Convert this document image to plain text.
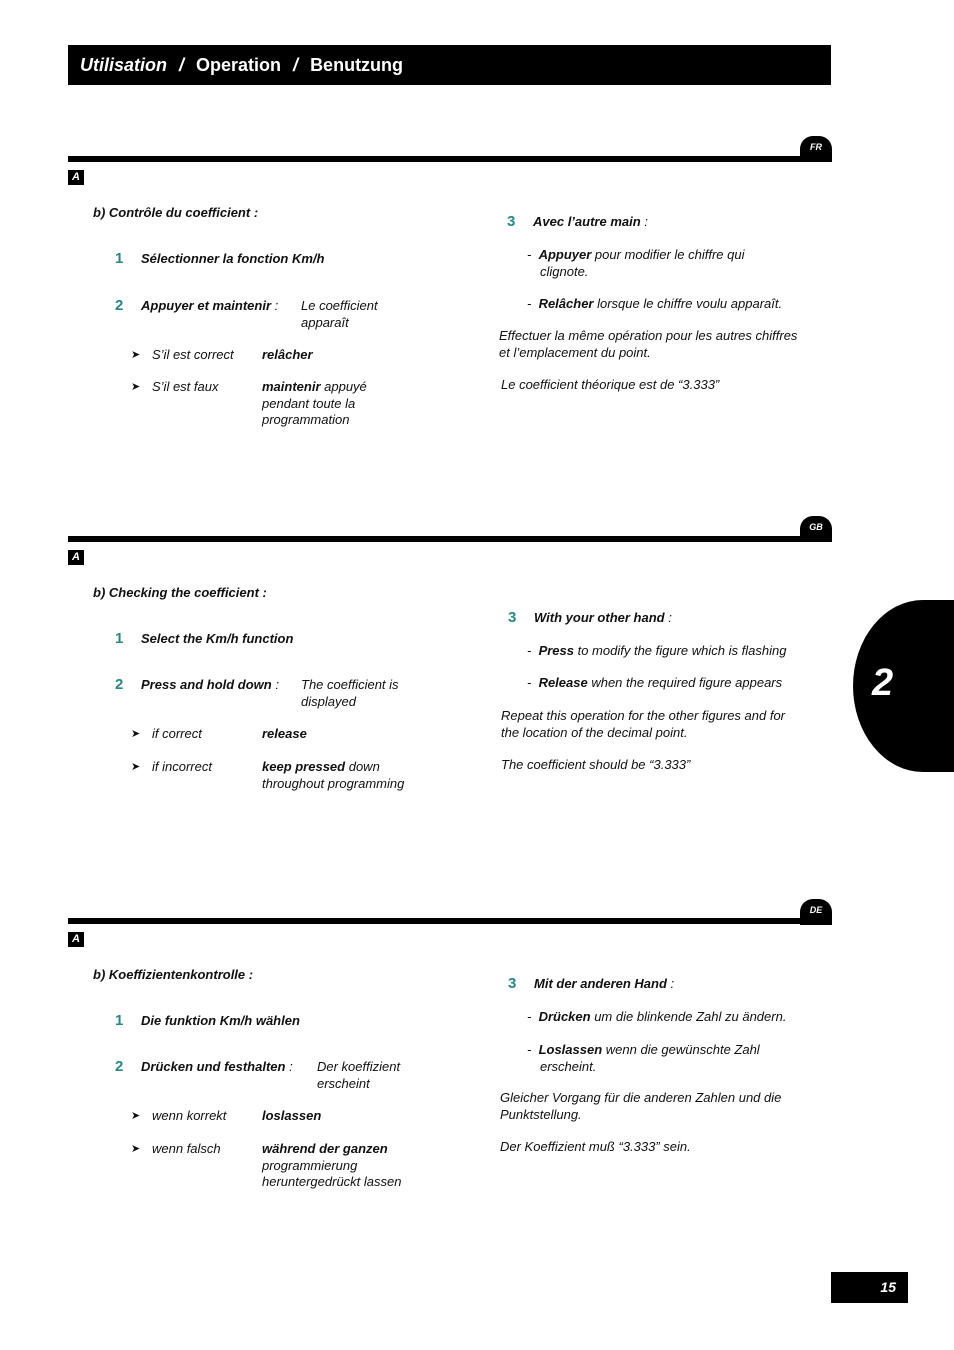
Utilisation / Operation / Benutzung
FR
A
b) Contrôle du coefficient :
1 Sélectionner la fonction Km/h
2 Appuyer et maintenir : Le coefficient
apparaît
➤ S’il est correct relâcher
➤ S’il est faux	maintenir appuyé
pendant toute la
programmation
3 Avec l’autre main :
-  Appuyer pour modifier le chiffre qui
clignote.
-  Relâcher lorsque le chiffre voulu apparaît.
Effectuer la même opération pour les autres chiffres
et l’emplacement du point.
Le coefficient théorique est de “3.333”
GB
A
b) Checking the coefficient :
1 Select the Km/h function
2 Press and hold down : The coefficient is
displayed
➤ if correct	release
➤ if incorrect	keep pressed down
throughout programming
3 With your other hand :
-  Press to modify the figure which is flashing
-  Release when the required figure appears
Repeat this operation for the other figures and for
the location of the decimal point.
The coefficient should be “3.333”
2
DE
A
b) Koeffizientenkontrolle :
1 Die funktion Km/h wählen
2 Drücken und festhalten : Der koeffizient
erscheint
➤ wenn korrekt	loslassen
➤ wenn falsch	während der ganzen
programmierung
heruntergedrückt lassen
3 Mit der anderen Hand :
-  Drücken um die blinkende Zahl zu ändern.
-  Loslassen wenn die gewünschte Zahl
erscheint.
Gleicher Vorgang für die anderen Zahlen und die
Punktstellung.
Der Koeffizient muß “3.333” sein.
15
